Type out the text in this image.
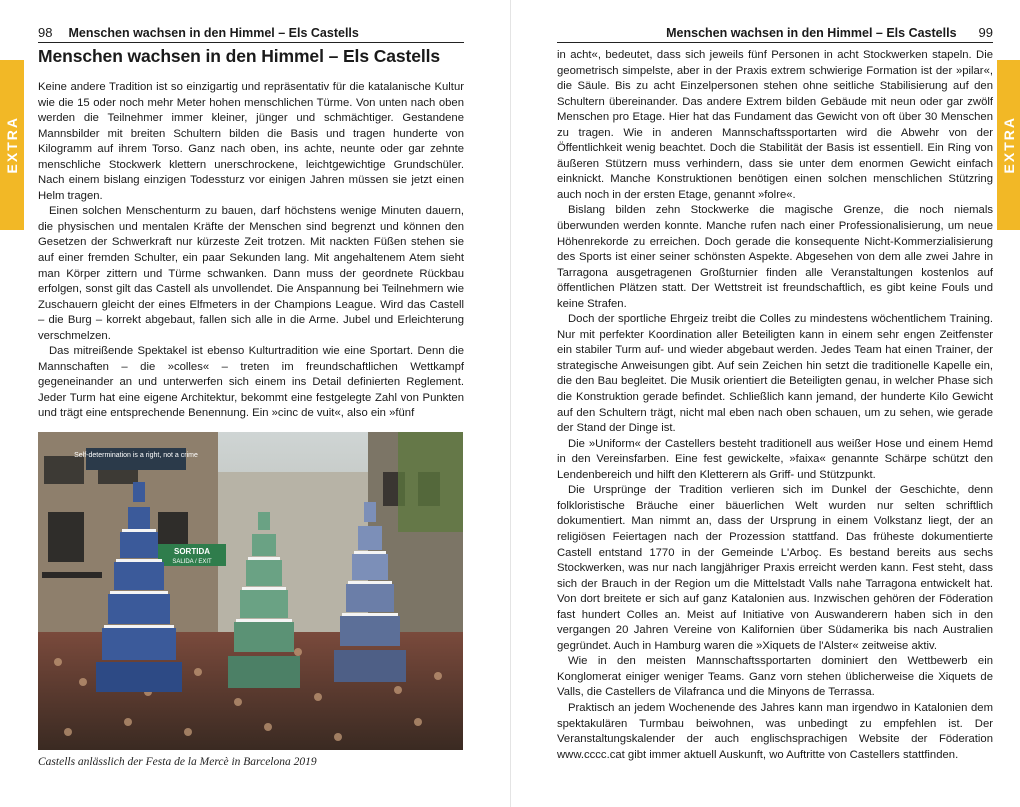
98 Menschen wachsen in den Himmel – Els Castells
EXTRA
Menschen wachsen in den Himmel – Els Castells

Keine andere Tradition ist so einzigartig und repräsentativ für die katalanische Kultur wie die 15 oder noch mehr Meter hohen menschlichen Türme. Von unten nach oben werden die Teilnehmer immer kleiner, jünger und schmächtiger. Gestandene Mannsbilder mit breiten Schultern bilden die Basis und tragen hunderte von Kilogramm auf ihrem Torso. Ganz nach oben, ins achte, neunte oder gar zehnte menschliche Stockwerk klettern unerschrockene, leichtgewichtige Grundschüler. Nach einem bislang einzigen Todessturz vor einigen Jahren müssen sie jetzt einen Helm tragen.

Einen solchen Menschenturm zu bauen, darf höchstens wenige Minuten dauern, die physischen und mentalen Kräfte der Menschen sind begrenzt und können den Gesetzen der Schwerkraft nur kürzeste Zeit trotzen. Mit nackten Füßen stehen sie auf einer fremden Schulter, ein paar Sekunden lang. Mit angehaltenem Atem sieht man Körper zittern und Türme schwanken. Dann muss der geordnete Rückbau erfolgen, sonst gilt das Castell als unvollendet. Die Anspannung bei Teilnehmern wie Zuschauern gleicht der eines Elfmeters in der Champions League. Wird das Castell – die Burg – korrekt abgebaut, fallen sich alle in die Arme. Jubel und Erleichterung verschmelzen.

Das mitreißende Spektakel ist ebenso Kulturtradition wie eine Sportart. Denn die Mannschaften – die »colles« – treten im freundschaftlichen Wettkampf gegeneinander an und unterwerfen sich einem ins Detail definierten Reglement. Jeder Turm hat eine eigene Architektur, bekommt eine festgelegte Zahl von Punkten und trägt eine entsprechende Benennung. Ein »cinc de vuit«, also ein »fünf

Self-determination is a right, not a crime
SORTIDA
SALIDA / EXIT
Castells anlässlich der Festa de la Mercè in Barcelona 2019
Menschen wachsen in den Himmel – Els Castells 99
EXTRA

in acht«, bedeutet, dass sich jeweils fünf Personen in acht Stockwerken stapeln. Die geometrisch simpelste, aber in der Praxis extrem schwierige Formation ist der »pilar«, die Säule. Bis zu acht Einzelpersonen stehen ohne seitliche Stabilisierung auf den Schultern übereinander. Das andere Extrem bilden Gebäude mit neun oder gar zwölf Menschen pro Etage. Hier hat das Fundament das Gewicht von oft über 30 Menschen zu tragen. Wie in anderen Mannschaftssportarten wird die Abwehr von der Öffentlichkeit wenig beachtet. Doch die Stabilität der Basis ist essentiell. Ein Ring von äußeren Stützern muss verhindern, dass sie unter dem enormen Gewicht einfach einknickt. Manche Konstruktionen benötigen einen solchen menschlichen Stützring auch noch in der ersten Etage, genannt »folre«.

Bislang bilden zehn Stockwerke die magische Grenze, die noch niemals überwunden werden konnte. Manche rufen nach einer Professionalisierung, um neue Höhenrekorde zu erreichen. Doch gerade die konsequente Nicht-Kommerzialisierung des Sports ist einer seiner schönsten Aspekte. Abgesehen von dem alle zwei Jahre in Tarragona ausgetragenen Großturnier finden alle Veranstaltungen kostenlos auf öffentlichen Plätzen statt. Der Wettstreit ist freundschaftlich, es gibt keine Fouls und keine Strafen.

Doch der sportliche Ehrgeiz treibt die Colles zu mindestens wöchentlichem Training. Nur mit perfekter Koordination aller Beteiligten kann in einem sehr engen Zeitfenster ein stabiler Turm auf- und wieder abgebaut werden. Jedes Team hat einen Trainer, der strategische Anweisungen gibt. Auf sein Zeichen hin setzt die traditionelle Kapelle ein, die den Bau begleitet. Die Musik orientiert die Beteiligten genau, in welcher Phase sich die Konstruktion gerade befindet. Schließlich kann jemand, der hunderte Kilo Gewicht auf den Schultern trägt, nicht mal eben nach oben schauen, um zu sehen, wie gerade der Stand der Dinge ist.

Die »Uniform« der Castellers besteht traditionell aus weißer Hose und einem Hemd in den Vereinsfarben. Eine fest gewickelte, »faixa« genannte Schärpe schützt den Lendenbereich und hilft den Kletterern als Griff- und Stützpunkt.

Die Ursprünge der Tradition verlieren sich im Dunkel der Geschichte, denn folkloristische Bräuche einer bäuerlichen Welt wurden nur selten schriftlich dokumentiert. Man nimmt an, dass der Ursprung in einem Volkstanz liegt, der an religiösen Feiertagen nach der Prozession stattfand. Das früheste dokumentierte Castell entstand 1770 in der Gemeinde L'Arboç. Es bestand bereits aus sechs Stockwerken, was nur nach langjähriger Praxis erreicht werden kann. Fest steht, dass sich der Brauch in der Region um die Mittelstadt Valls nahe Tarragona entwickelt hat. Von dort breitete er sich auf ganz Katalonien aus. Inzwischen gehören der Föderation fast hundert Colles an. Meist auf Initiative von Auswanderern haben sich in den vergangen 20 Jahren Vereine von Kalifornien über Südamerika bis nach Australien gegründet. Auch in Hamburg waren die »Xiquets de l'Alster« zeitweise aktiv.

Wie in den meisten Mannschaftssportarten dominiert den Wettbewerb ein Konglomerat einiger weniger Teams. Ganz vorn stehen üblicherweise die Xiquets de Valls, die Castellers de Vilafranca und die Minyons de Terrassa.

Praktisch an jedem Wochenende des Jahres kann man irgendwo in Katalonien dem spektakulären Turmbau beiwohnen, was unbedingt zu empfehlen ist. Der Veranstaltungskalender der auch englischsprachigen Website der Föderation www.cccc.cat gibt immer aktuell Auskunft, wo Auftritte von Castellers stattfinden.
